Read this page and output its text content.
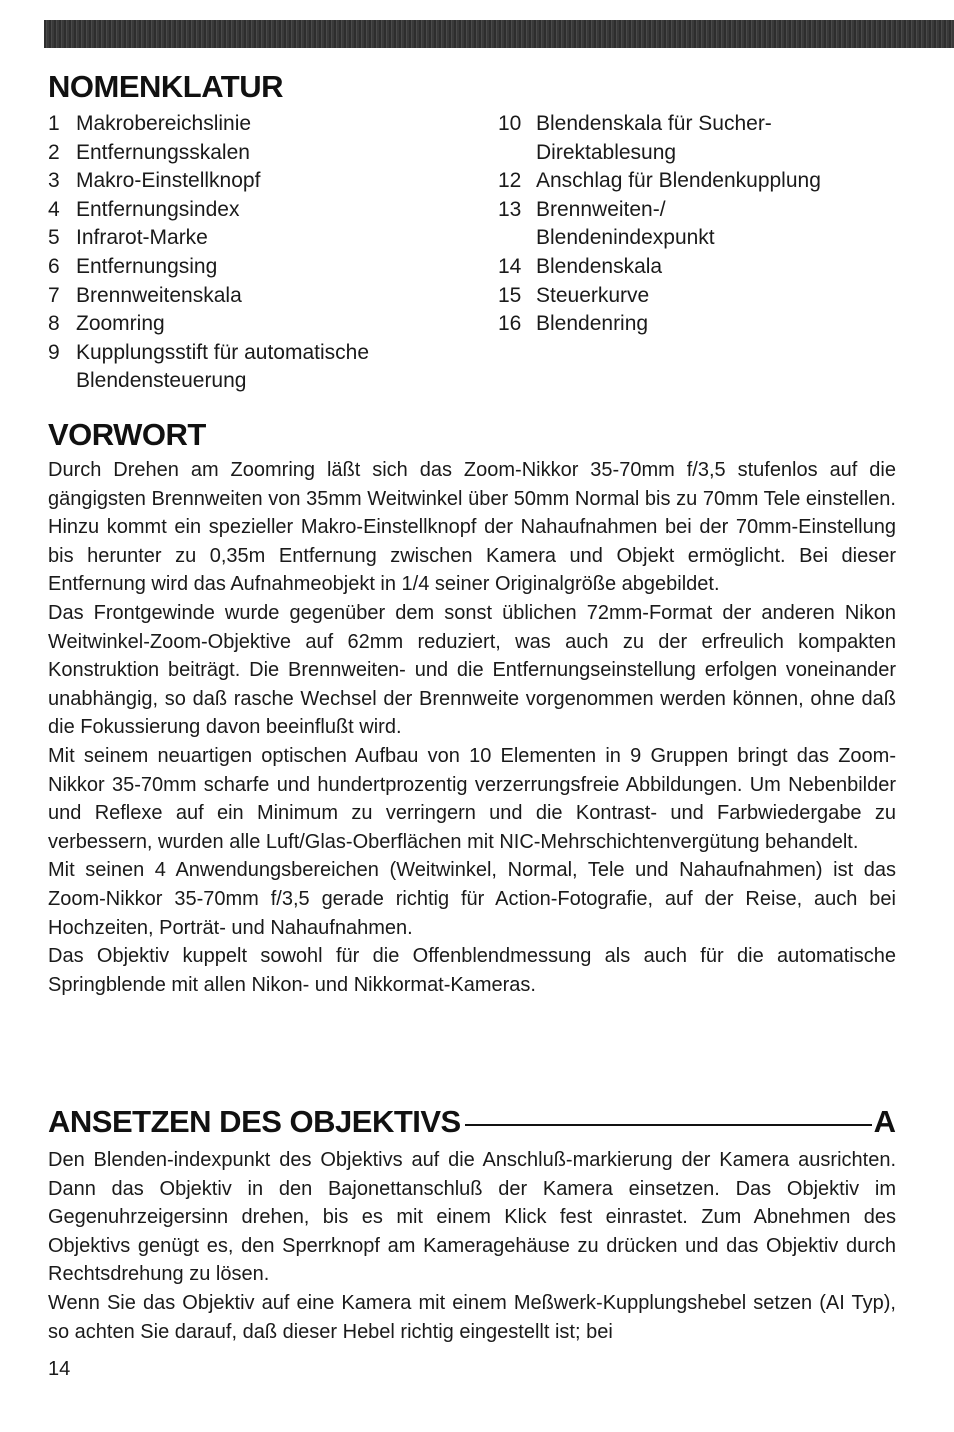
NOMENKLATUR
1 Makrobereichslinie
2 Entfernungsskalen
3 Makro-Einstellknopf
4 Entfernungsindex
5 Infrarot-Marke
6 Entfernungsing
7 Brennweitenskala
8 Zoomring
9 Kupplungsstift für automatische
Blendensteuerung
10 Blendenskala für Sucher-
Direktablesung
12 Anschlag für Blendenkupplung
13 Brennweiten-/
Blendenindexpunkt
14 Blendenskala
15 Steuerkurve
16 Blendenring
VORWORT

Durch Drehen am Zoomring läßt sich das Zoom-Nikkor 35-70mm f/3,5 stufenlos auf die gängigsten Brennweiten von 35mm Weitwinkel über 50mm Normal bis zu 70mm Tele einstellen. Hinzu kommt ein spezieller Makro-Einstellknopf der Nahaufnahmen bei der 70mm-Einstellung bis herunter zu 0,35m Entfernung zwischen Kamera und Objekt ermöglicht. Bei dieser Entfernung wird das Aufnahmeobjekt in 1/4 seiner Originalgröße abgebildet.

Das Frontgewinde wurde gegenüber dem sonst üblichen 72mm-Format der anderen Nikon Weitwinkel-Zoom-Objektive auf 62mm reduziert, was auch zu der erfreulich kompakten Konstruktion beiträgt. Die Brennweiten- und die Entfernungseinstellung erfolgen voneinander unabhängig, so daß rasche Wechsel der Brennweite vorgenommen werden können, ohne daß die Fokussierung davon beeinflußt wird.

Mit seinem neuartigen optischen Aufbau von 10 Elementen in 9 Gruppen bringt das Zoom-Nikkor 35-70mm scharfe und hundertprozentig verzerrungsfreie Abbildungen. Um Nebenbilder und Reflexe auf ein Minimum zu verringern und die Kontrast- und Farbwiedergabe zu verbessern, wurden alle Luft/Glas-Oberflächen mit NIC-Mehrschichtenvergütung behandelt.

Mit seinen 4 Anwendungsbereichen (Weitwinkel, Normal, Tele und Nahaufnahmen) ist das Zoom-Nikkor 35-70mm f/3,5 gerade richtig für Action-Fotografie, auf der Reise, auch bei Hochzeiten, Porträt- und Nahaufnahmen.

Das Objektiv kuppelt sowohl für die Offenblendmessung als auch für die automatische Springblende mit allen Nikon- und Nikkormat-Kameras.

ANSETZEN DES OBJEKTIVS	A

Den Blenden-indexpunkt des Objektivs auf die Anschluß-markierung der Kamera ausrichten. Dann das Objektiv in den Bajonettanschluß der Kamera einsetzen. Das Objektiv im Gegenuhrzeigersinn drehen, bis es mit einem Klick fest einrastet. Zum Abnehmen des Objektivs genügt es, den Sperrknopf am Kameragehäuse zu drücken und das Objektiv durch Rechtsdrehung zu lösen.

Wenn Sie das Objektiv auf eine Kamera mit einem Meßwerk-Kupplungshebel setzen (AI Typ), so achten Sie darauf, daß dieser Hebel richtig eingestellt ist; bei

14
